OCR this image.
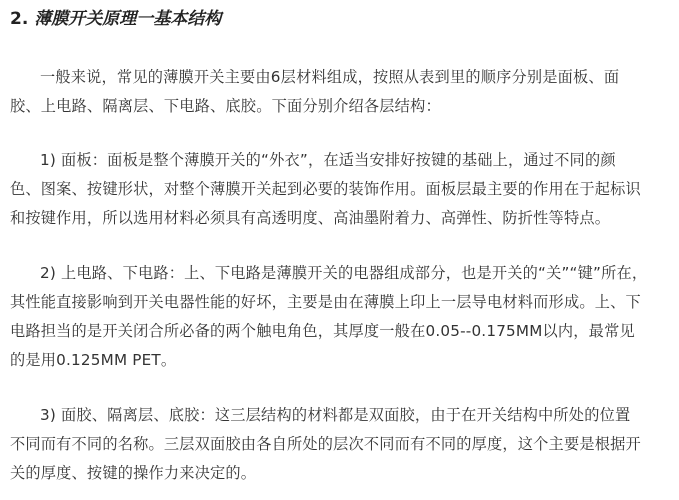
2. 薄膜开关原理一基本结构
一般来说，常见的薄膜开关主要由6层材料组成，按照从表到里的顺序分别是面板、面
胶、上电路、隔离层、下电路、底胶。下面分别介绍各层结构：
1) 面板：面板是整个薄膜开关的“外衣”，在适当安排好按键的基础上，通过不同的颜
色、图案、按键形状，对整个薄膜开关起到必要的装饰作用。面板层最主要的作用在于起标识
和按键作用，所以选用材料必须具有高透明度、高油墨附着力、高弹性、防折性等特点。
2) 上电路、下电路：上、下电路是薄膜开关的电器组成部分，也是开关的“关”“键”所在，
其性能直接影响到开关电器性能的好坏，主要是由在薄膜上印上一层导电材料而形成。上、下
电路担当的是开关闭合所必备的两个触电角色，其厚度一般在0.05--0.175MM以内，最常见
的是用0.125MM PET。
3) 面胶、隔离层、底胶：这三层结构的材料都是双面胶，由于在开关结构中所处的位置
不同而有不同的名称。三层双面胶由各自所处的层次不同而有不同的厚度，这个主要是根据开
关的厚度、按键的操作力来决定的。
